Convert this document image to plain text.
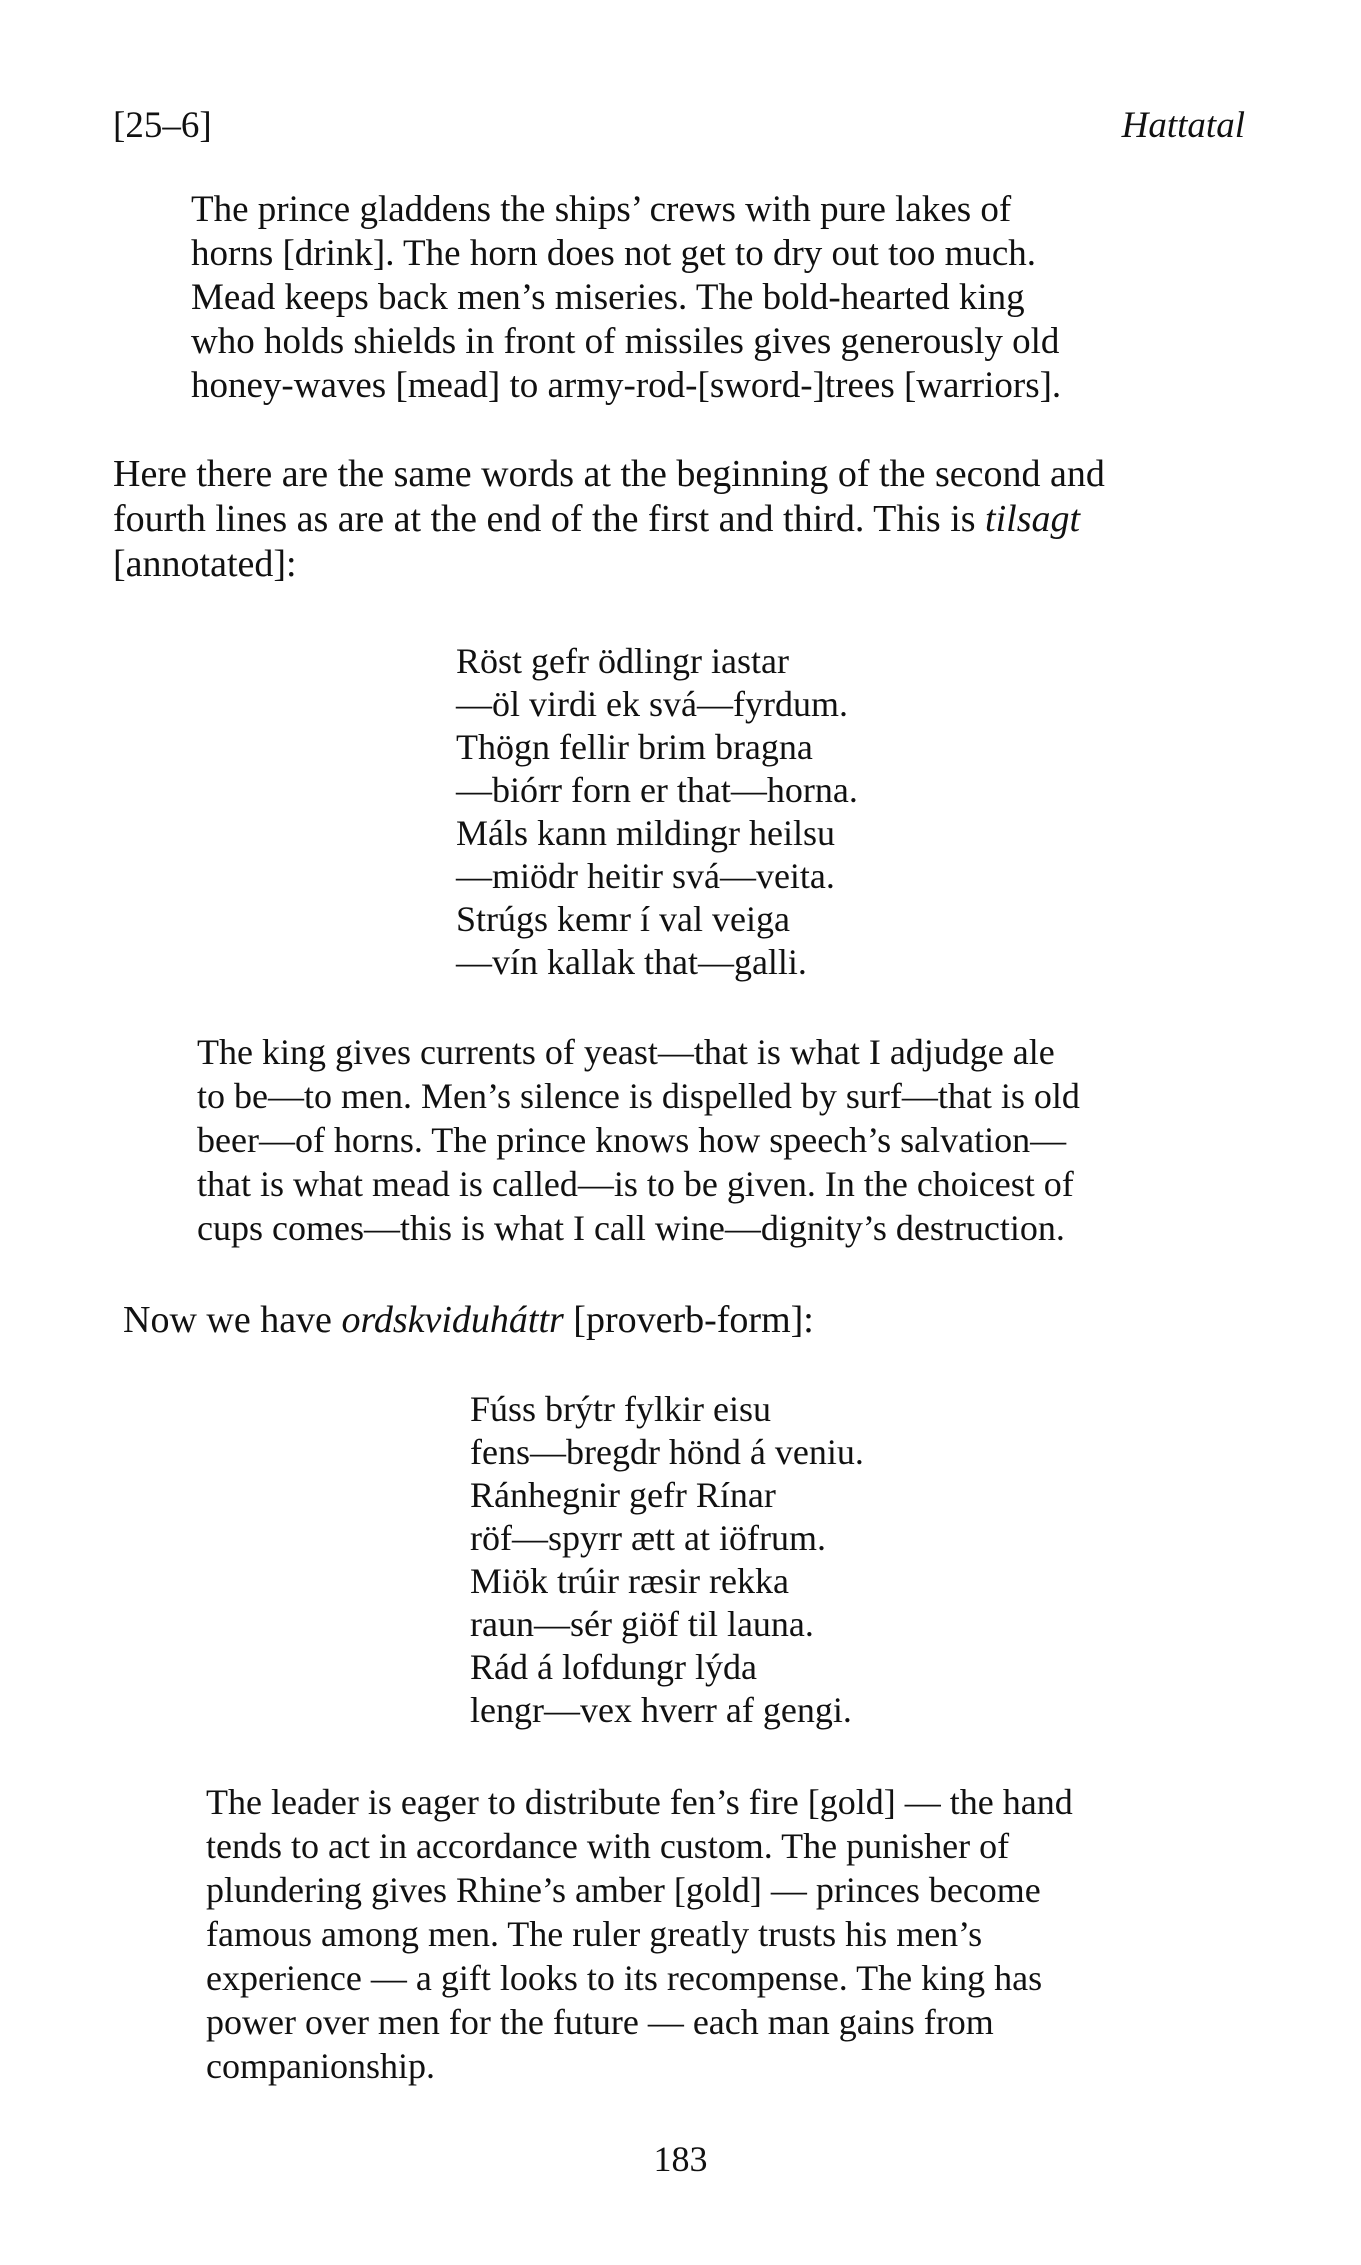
[25–6]	Hattatal
The prince gladdens the ships’ crews with pure lakes of
horns [drink]. The horn does not get to dry out too much.
Mead keeps back men’s miseries. The bold-hearted king
who holds shields in front of missiles gives generously old
honey-waves [mead] to army-rod-[sword-]trees [warriors].
Here there are the same words at the beginning of the second and
fourth lines as are at the end of the first and third. This is tilsagt
[annotated]:
Röst gefr ödlingr iastar
—öl virdi ek svá—fyrdum.
Thögn fellir brim bragna
—biórr forn er that—horna.
Máls kann mildingr heilsu
—miödr heitir svá—veita.
Strúgs kemr í val veiga
—vín kallak that—galli.
The king gives currents of yeast—that is what I adjudge ale
to be—to men. Men’s silence is dispelled by surf—that is old
beer—of horns. The prince knows how speech’s salvation—
that is what mead is called—is to be given. In the choicest of
cups comes—this is what I call wine—dignity’s destruction.
Now we have ordskviduháttr [proverb-form]:
Fúss brýtr fylkir eisu
fens—bregdr hönd á veniu.
Ránhegnir gefr Rínar
röf—spyrr ætt at iöfrum.
Miök trúir ræsir rekka
raun—sér giöf til launa.
Rád á lofdungr lýda
lengr—vex hverr af gengi.
The leader is eager to distribute fen’s fire [gold] — the hand
tends to act in accordance with custom. The punisher of
plundering gives Rhine’s amber [gold] — princes become
famous among men. The ruler greatly trusts his men’s
experience — a gift looks to its recompense. The king has
power over men for the future — each man gains from
companionship.
183
